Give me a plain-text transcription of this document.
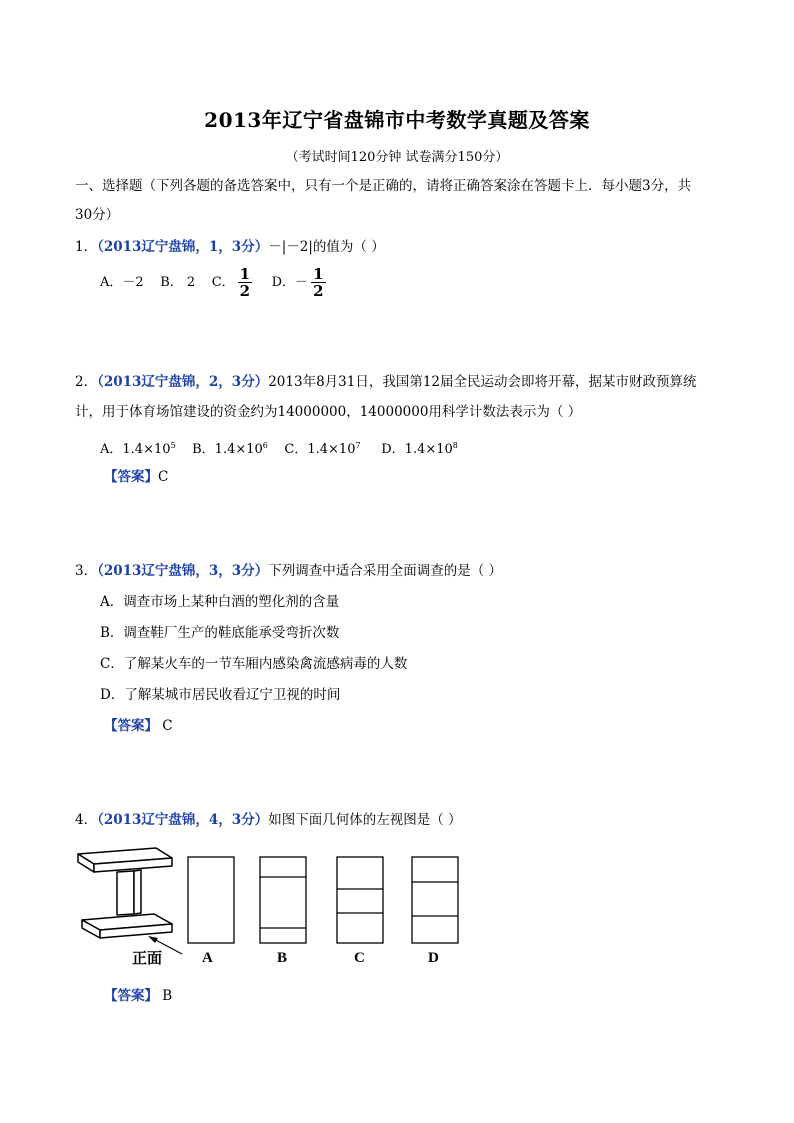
2013年辽宁省盘锦市中考数学真题及答案
（考试时间120分钟 试卷满分150分）
一、选择题（下列各题的备选答案中，只有一个是正确的，请将正确答案涂在答题卡上．每小题3分，共
30分）
1．（2013辽宁盘锦，1，3分）－|－2|的值为（ ）
A．－2 B． 2 C． $\frac{1}{2}$ D．－ $\frac{1}{2}$
2．（2013辽宁盘锦，2，3分）2013年8月31日，我国第12届全民运动会即将开幕，据某市财政预算统
计，用于体育场馆建设的资金约为14000000，14000000用科学计数法表示为（ ）
A．$1.4\times 10^5$ B．$1.4\times 10^6$ C．$1.4\times 10^7$ D．$1.4\times 10^8$
【答案】C
3．（2013辽宁盘锦，3，3分）下列调查中适合采用全面调查的是（ ）
A．调查市场上某种白酒的塑化剂的含量
B．调查鞋厂生产的鞋底能承受弯折次数
C．了解某火车的一节车厢内感染禽流感病毒的人数
D．了解某城市居民收看辽宁卫视的时间
【答案】 C
4．（2013辽宁盘锦，4，3分）如图下面几何体的左视图是（ ）
正面	A	B	C	D
【答案】 B
